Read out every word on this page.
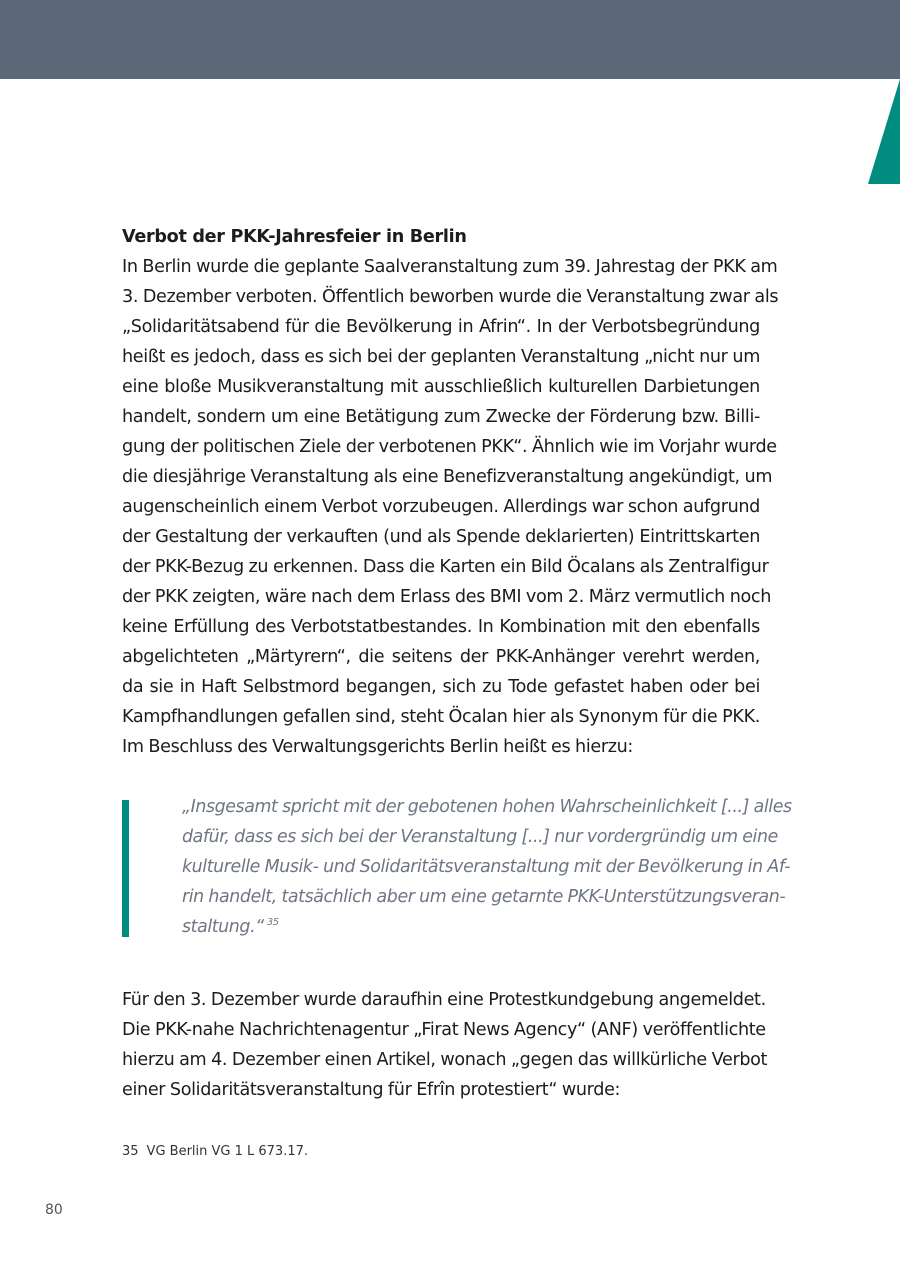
Verbot der PKK-Jahresfeier in Berlin

In Berlin wurde die geplante Saalveranstaltung zum 39. Jahrestag der PKK am
3. Dezember verboten. Öffentlich beworben wurde die Veranstaltung zwar als
„Solidaritätsabend für die Bevölkerung in Afrin“. In der Verbotsbegründung
heißt es jedoch, dass es sich bei der geplanten Veranstaltung „nicht nur um
eine bloße Musikveranstaltung mit ausschließlich kulturellen Darbietungen
handelt, sondern um eine Betätigung zum Zwecke der Förderung bzw. Billi-
gung der politischen Ziele der verbotenen PKK“. Ähnlich wie im Vorjahr wurde
die diesjährige Veranstaltung als eine Benefizveranstaltung angekündigt, um
augenscheinlich einem Verbot vorzubeugen. Allerdings war schon aufgrund
der Gestaltung der verkauften (und als Spende deklarierten) Eintrittskarten
der PKK-Bezug zu erkennen. Dass die Karten ein Bild Öcalans als Zentralfigur
der PKK zeigten, wäre nach dem Erlass des BMI vom 2. März vermutlich noch
keine Erfüllung des Verbotstatbestandes. In Kombination mit den ebenfalls
abgelichteten „Märtyrern“, die seitens der PKK-Anhänger verehrt werden,
da sie in Haft Selbstmord begangen, sich zu Tode gefastet haben oder bei
Kampfhandlungen gefallen sind, steht Öcalan hier als Synonym für die PKK.
Im Beschluss des Verwaltungsgerichts Berlin heißt es hierzu:

„Insgesamt spricht mit der gebotenen hohen Wahrscheinlichkeit [...] alles
dafür, dass es sich bei der Veranstaltung [...] nur vordergründig um eine
kulturelle Musik- und Solidaritätsveranstaltung mit der Bevölkerung in Af-
rin handelt, tatsächlich aber um eine getarnte PKK-Unterstützungsveran-
staltung.“ $^{35}$

Für den 3. Dezember wurde daraufhin eine Protestkundgebung angemeldet.
Die PKK-nahe Nachrichtenagentur „Firat News Agency“ (ANF) veröffentlichte
hierzu am 4. Dezember einen Artikel, wonach „gegen das willkürliche Verbot
einer Solidaritätsveranstaltung für Efrîn protestiert“ wurde:

35 VG Berlin VG 1 L 673.17.
80
